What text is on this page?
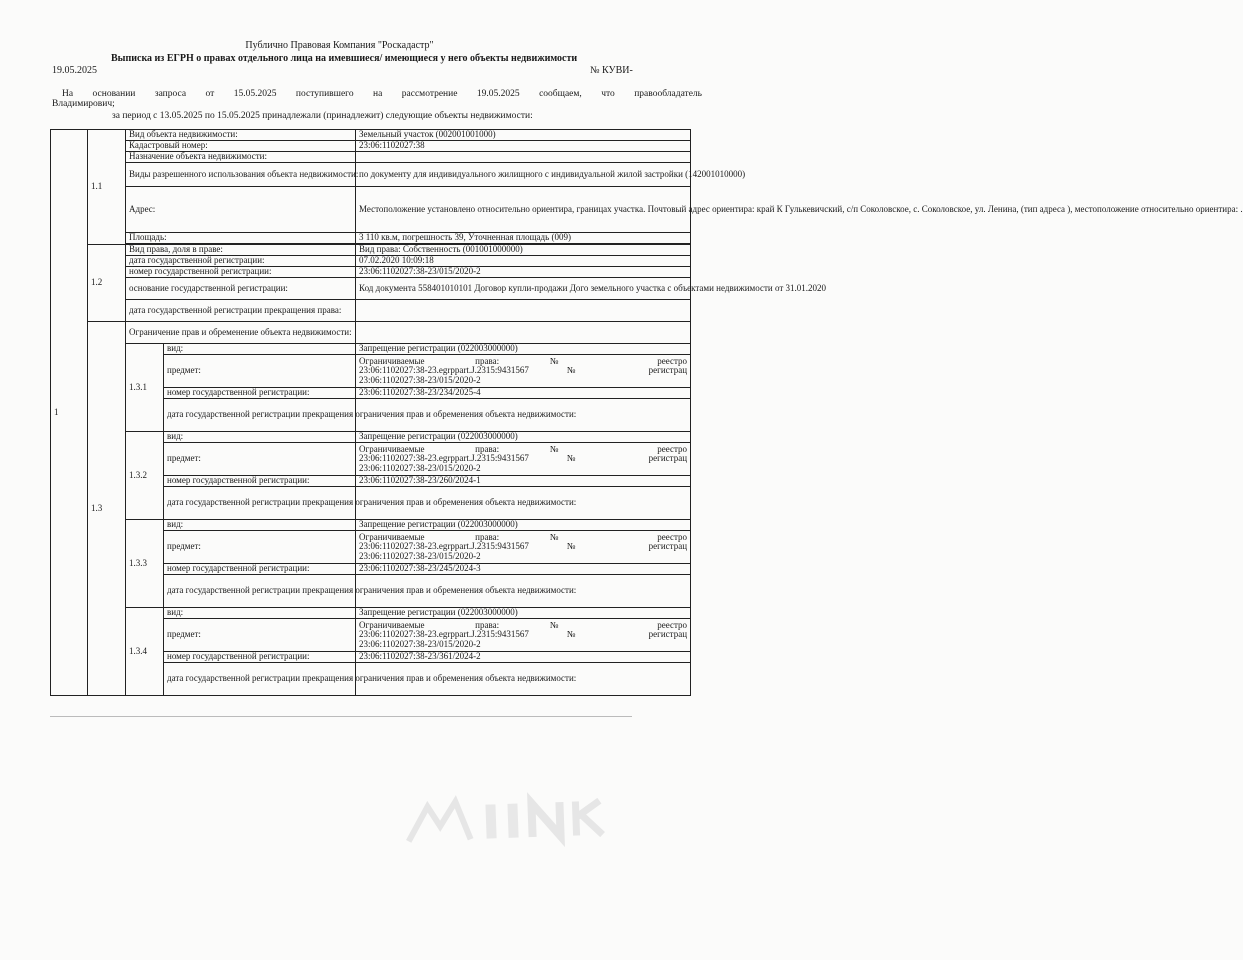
Публично Правовая Компания "Роскадастр"
Выписка из ЕГРН о правах отдельного лица на имевшиеся/ имеющиеся у него объекты недвижимости
19.05.2025	№ КУВИ-
На основании запроса от 15.05.2025 поступившего на рассмотрение 19.05.2025 сообщаем, что правообладатель
Владимирович;
за период с 13.05.2025 по 15.05.2025 принадлежали (принадлежит) следующие объекты недвижимости:
1	1.1	Вид объекта недвижимости:		Земельный участок (002001001000)
		Кадастровый номер:		23:06:1102027:38
		Назначение объекта недвижимости:		
		Виды разрешенного использования объекта недвижимости:		по документу для индивидуального жилищного с индивидуальной жилой застройки (142001010000)
		Адрес:		Местоположение установлено относительно ориентира, границах участка. Почтовый адрес ориентира: край К Гулькевичский, с/п Соколовское, с. Соколовское, ул. Ленина, (тип адреса ), местоположение относительно ориентира: .
		Площадь:		3 110 кв.м, погрешность 39, Уточненная площадь (009)

	1.2	Вид права, доля в праве:		Вид права: Собственность (001001000000)
		дата государственной регистрации:		07.02.2020 10:09:18
		номер государственной регистрации:		23:06:1102027:38-23/015/2020-2
		основание государственной регистрации:		Код документа 558401010101 Договор купли-продажи Дого земельного участка с объектами недвижимости от 31.01.2020
		дата государственной регистрации прекращения права:		
	1.3	Ограничение прав и обременение объекта недвижимости:		
		1.3.1	вид:	Запрещение регистрации (022003000000)
			предмет:	Ограничиваемые права: № реестро
23:06:1102027:38-23.egrppart.J.2315:9431567 № регистрац
23:06:1102027:38-23/015/2020-2

			номер государственной регистрации:	23:06:1102027:38-23/234/2025-4
			дата государственной регистрации прекращения ограничения прав и обременения объекта недвижимости:	
		1.3.2	вид:	Запрещение регистрации (022003000000)
			предмет:	Ограничиваемые права: № реестро
23:06:1102027:38-23.egrppart.J.2315:9431567 № регистрац
23:06:1102027:38-23/015/2020-2

			номер государственной регистрации:	23:06:1102027:38-23/260/2024-1
			дата государственной регистрации прекращения ограничения прав и обременения объекта недвижимости:	
		1.3.3	вид:	Запрещение регистрации (022003000000)
			предмет:	Ограничиваемые права: № реестро
23:06:1102027:38-23.egrppart.J.2315:9431567 № регистрац
23:06:1102027:38-23/015/2020-2

			номер государственной регистрации:	23:06:1102027:38-23/245/2024-3
			дата государственной регистрации прекращения ограничения прав и обременения объекта недвижимости:	
		1.3.4	вид:	Запрещение регистрации (022003000000)
			предмет:	Ограничиваемые права: № реестро
23:06:1102027:38-23.egrppart.J.2315:9431567 № регистрац
23:06:1102027:38-23/015/2020-2

			номер государственной регистрации:	23:06:1102027:38-23/361/2024-2
			дата государственной регистрации прекращения ограничения прав и обременения объекта недвижимости:	
